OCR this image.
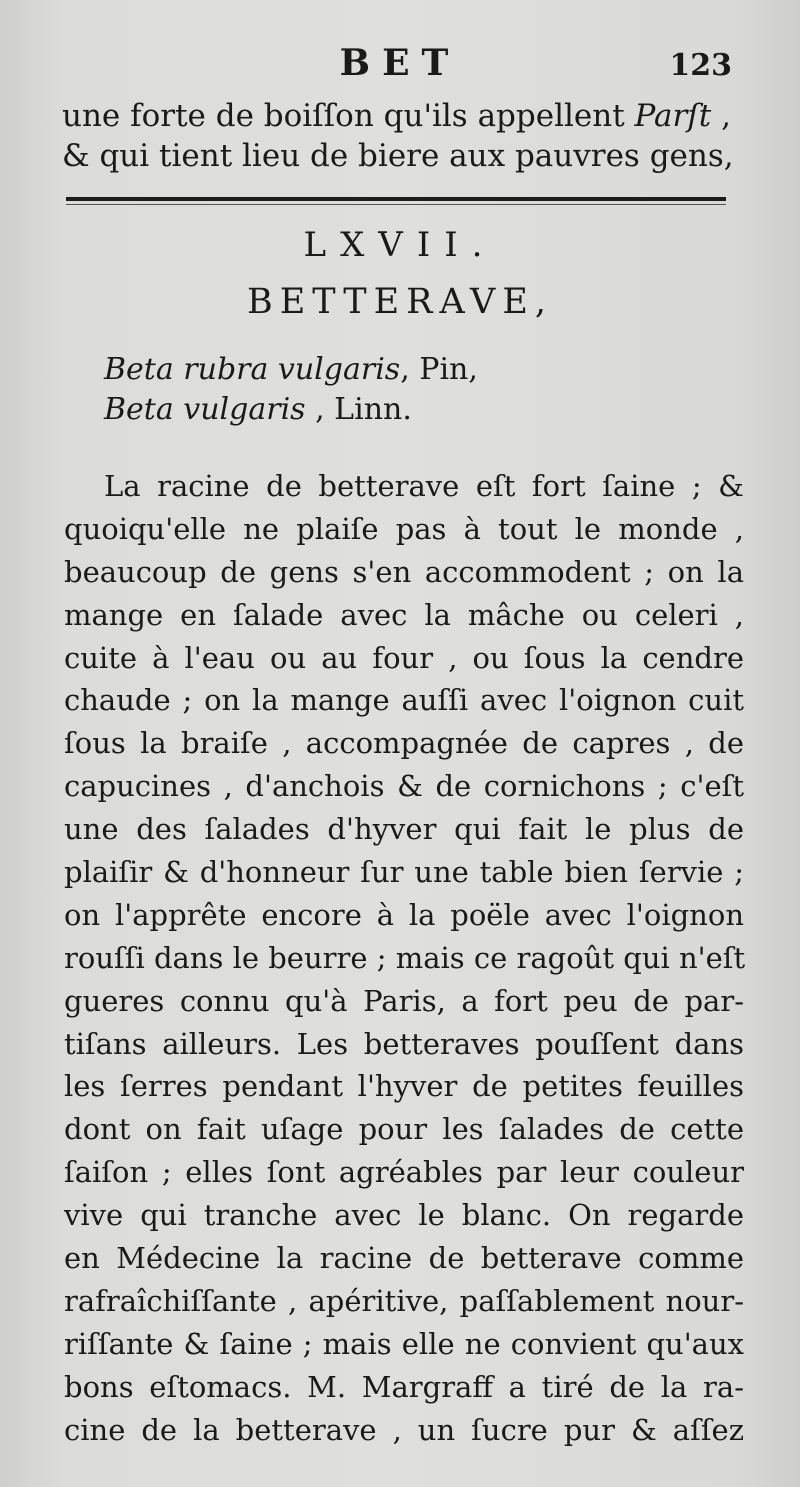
BET	123
une forte de boiſſon qu'ils appellent Parſt ,
& qui tient lieu de biere aux pauvres gens,
LXVII.
BETTERAVE,
Beta rubra vulgaris, Pin,
Beta vulgaris , Linn.
La racine de betterave eſt fort ſaine ; &
quoiqu'elle ne plaiſe pas à tout le monde ,
beaucoup de gens s'en accommodent ; on la
mange en ſalade avec la mâche ou celeri ,
cuite à l'eau ou au four , ou ſous la cendre
chaude ; on la mange auſſi avec l'oignon cuit
ſous la braiſe , accompagnée de capres , de
capucines , d'anchois & de cornichons ; c'eſt
une des ſalades d'hyver qui fait le plus de
plaiſir & d'honneur ſur une table bien ſervie ;
on l'apprête encore à la poële avec l'oignon
rouſſi dans le beurre ; mais ce ragoût qui n'eſt
gueres connu qu'à Paris, a fort peu de par-
tiſans ailleurs. Les betteraves pouſſent dans
les ſerres pendant l'hyver de petites feuilles
dont on fait uſage pour les ſalades de cette
ſaiſon ; elles ſont agréables par leur couleur
vive qui tranche avec le blanc. On regarde
en Médecine la racine de betterave comme
rafraîchiſſante , apéritive, paſſablement nour-
riſſante & ſaine ; mais elle ne convient qu'aux
bons eſtomacs. M. Margraff a tiré de la ra-
cine de la betterave , un ſucre pur & aſſez
